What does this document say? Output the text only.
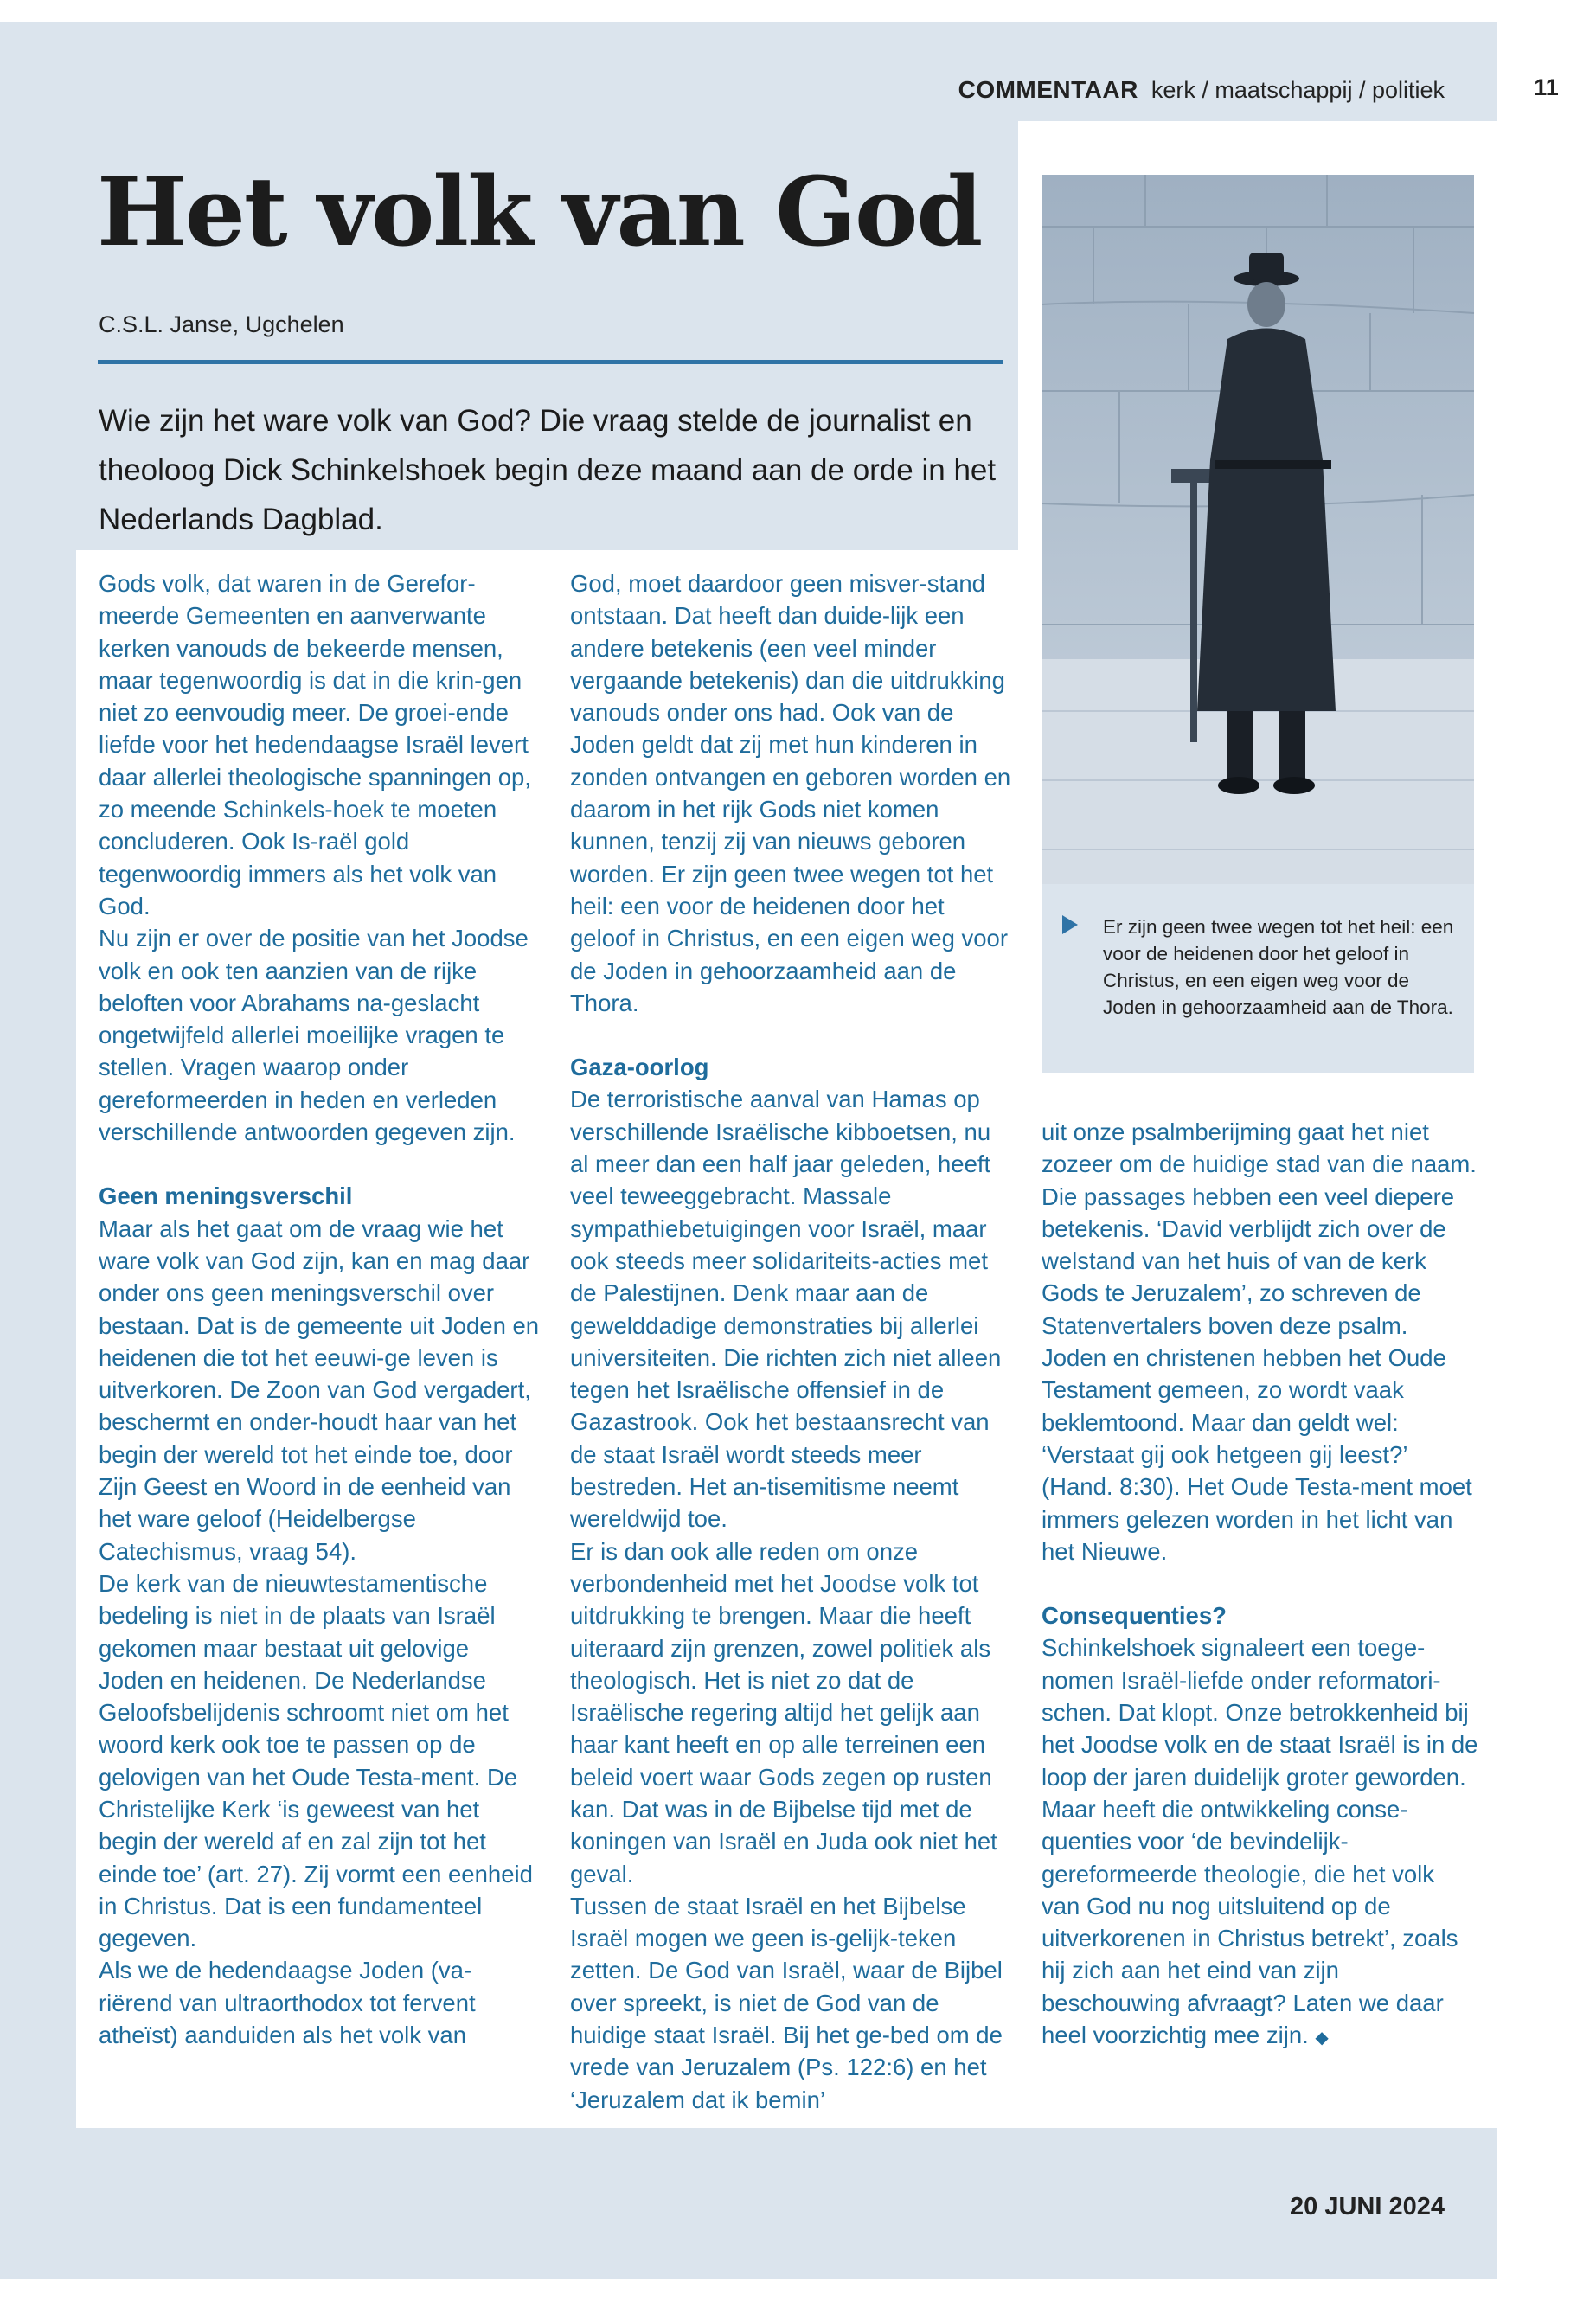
COMMENTAAR kerk / maatschappij / politiek	11
Het volk van God
C.S.L. Janse, Ugchelen
Wie zijn het ware volk van God? Die vraag stelde de journalist en theoloog Dick Schinkelshoek begin deze maand aan de orde in het Nederlands Dagblad.
Er zijn geen twee wegen tot het heil: een voor de heidenen door het geloof in Christus, en een eigen weg voor de Joden in gehoorzaamheid aan de Thora.

Gods volk, dat waren in de Gerefor-meerde Gemeenten en aanverwante kerken vanouds de bekeerde mensen, maar tegenwoordig is dat in die krin-gen niet zo eenvoudig meer. De groei-ende liefde voor het hedendaagse Israël levert daar allerlei theologische spanningen op, zo meende Schinkels-hoek te moeten concluderen. Ook Is-raël gold tegenwoordig immers als het volk van God.

Nu zijn er over de positie van het Joodse volk en ook ten aanzien van de rijke beloften voor Abrahams na-geslacht ongetwijfeld allerlei moeilijke vragen te stellen. Vragen waarop onder gereformeerden in heden en verleden verschillende antwoorden gegeven zijn.

Geen meningsverschil

Maar als het gaat om de vraag wie het ware volk van God zijn, kan en mag daar onder ons geen meningsverschil over bestaan. Dat is de gemeente uit Joden en heidenen die tot het eeuwi-ge leven is uitverkoren. De Zoon van God vergadert, beschermt en onder-houdt haar van het begin der wereld tot het einde toe, door Zijn Geest en Woord in de eenheid van het ware geloof (Heidelbergse Catechismus, vraag 54).

De kerk van de nieuwtestamentische bedeling is niet in de plaats van Israël gekomen maar bestaat uit gelovige Joden en heidenen. De Nederlandse Geloofsbelijdenis schroomt niet om het woord kerk ook toe te passen op de gelovigen van het Oude Testa-ment. De Christelijke Kerk ‘is geweest van het begin der wereld af en zal zijn tot het einde toe’ (art. 27). Zij vormt een eenheid in Christus. Dat is een fundamenteel gegeven.

Als we de hedendaagse Joden (va-riërend van ultraorthodox tot fervent atheïst) aanduiden als het volk van

God, moet daardoor geen misver-stand ontstaan. Dat heeft dan duide-lijk een andere betekenis (een veel minder vergaande betekenis) dan die uitdrukking vanouds onder ons had. Ook van de Joden geldt dat zij met hun kinderen in zonden ontvangen en geboren worden en daarom in het rijk Gods niet komen kunnen, tenzij zij van nieuws geboren worden. Er zijn geen twee wegen tot het heil: een voor de heidenen door het geloof in Christus, en een eigen weg voor de Joden in gehoorzaamheid aan de Thora.

Gaza-oorlog

De terroristische aanval van Hamas op verschillende Israëlische kibboetsen, nu al meer dan een half jaar geleden, heeft veel teweeggebracht. Massale sympathiebetuigingen voor Israël, maar ook steeds meer solidariteits-acties met de Palestijnen. Denk maar aan de gewelddadige demonstraties bij allerlei universiteiten. Die richten zich niet alleen tegen het Israëlische offensief in de Gazastrook. Ook het bestaansrecht van de staat Israël wordt steeds meer bestreden. Het an-tisemitisme neemt wereldwijd toe.

Er is dan ook alle reden om onze verbondenheid met het Joodse volk tot uitdrukking te brengen. Maar die heeft uiteraard zijn grenzen, zowel politiek als theologisch. Het is niet zo dat de Israëlische regering altijd het gelijk aan haar kant heeft en op alle terreinen een beleid voert waar Gods zegen op rusten kan. Dat was in de Bijbelse tijd met de koningen van Israël en Juda ook niet het geval.

Tussen de staat Israël en het Bijbelse Israël mogen we geen is-gelijk-teken zetten. De God van Israël, waar de Bijbel over spreekt, is niet de God van de huidige staat Israël. Bij het ge-bed om de vrede van Jeruzalem (Ps. 122:6) en het ‘Jeruzalem dat ik bemin’

uit onze psalmberijming gaat het niet zozeer om de huidige stad van die naam. Die passages hebben een veel diepere betekenis. ‘David verblijdt zich over de welstand van het huis of van de kerk Gods te Jeruzalem’, zo schreven de Statenvertalers boven deze psalm.

Joden en christenen hebben het Oude Testament gemeen, zo wordt vaak beklemtoond. Maar dan geldt wel: ‘Verstaat gij ook hetgeen gij leest?’ (Hand. 8:30). Het Oude Testa-ment moet immers gelezen worden in het licht van het Nieuwe.

Consequenties?

Schinkelshoek signaleert een toege-nomen Israël-liefde onder reformatori-schen. Dat klopt. Onze betrokkenheid bij het Joodse volk en de staat Israël is in de loop der jaren duidelijk groter geworden.

Maar heeft die ontwikkeling conse-quenties voor ‘de bevindelijk-gereformeerde theologie, die het volk van God nu nog uitsluitend op de uitverkorenen in Christus betrekt’, zoals hij zich aan het eind van zijn beschouwing afvraagt? Laten we daar heel voorzichtig mee zijn. ◆

20 JUNI 2024
